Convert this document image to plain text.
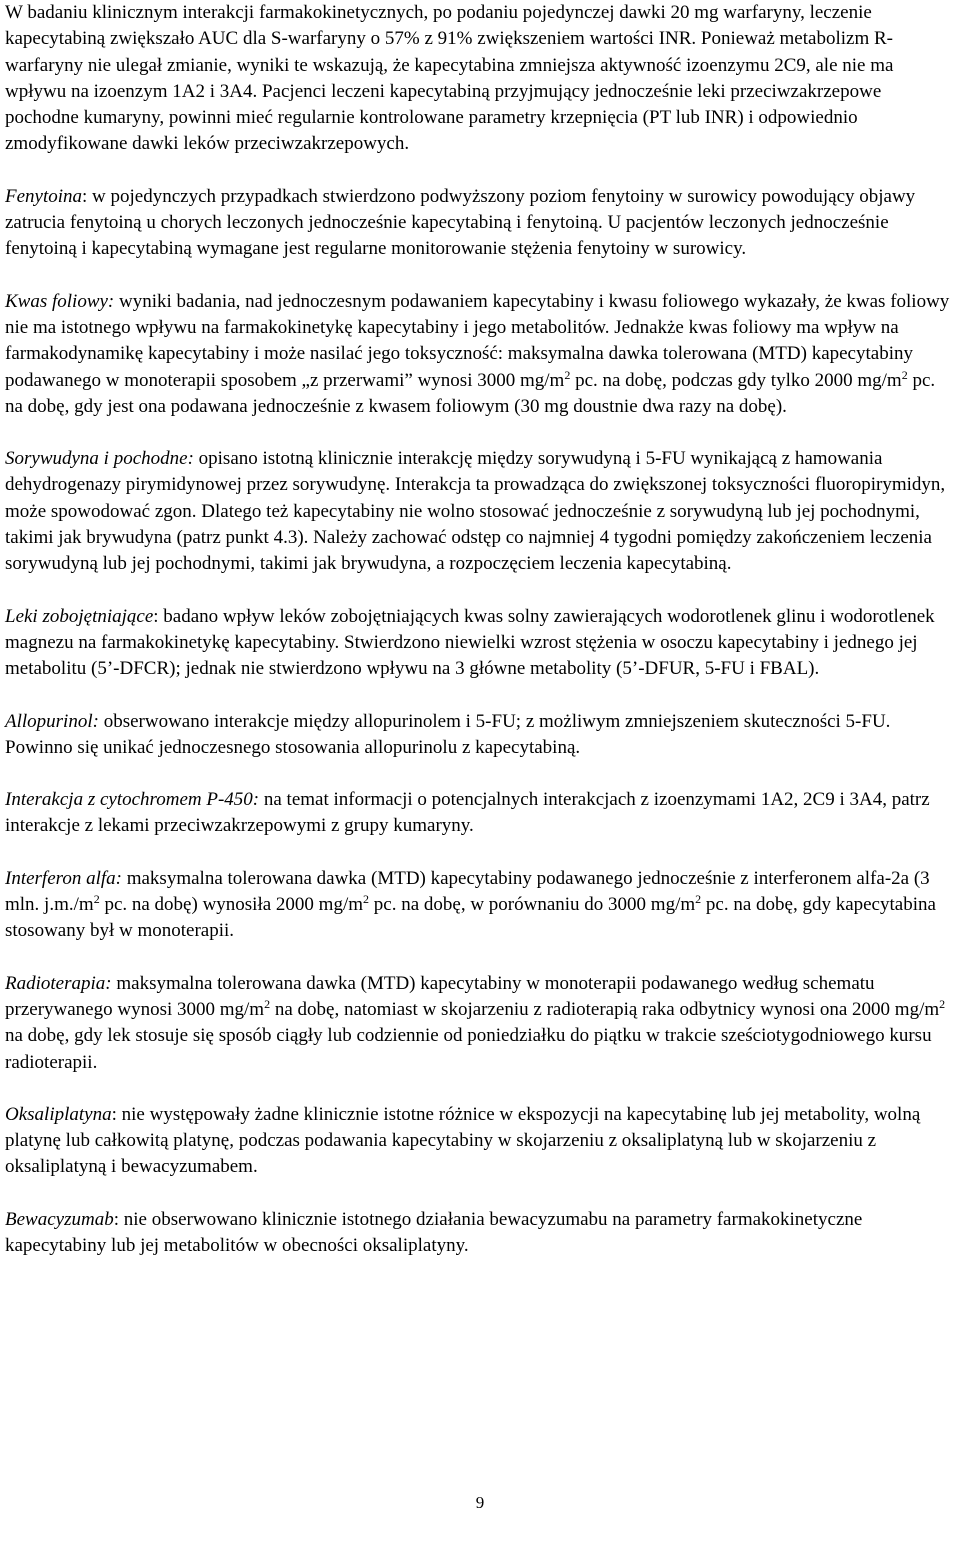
W badaniu klinicznym interakcji farmakokinetycznych, po podaniu pojedynczej dawki 20 mg warfaryny, leczenie kapecytabiną zwiększało AUC dla S-warfaryny o 57% z 91% zwiększeniem wartości INR. Ponieważ metabolizm R-warfaryny nie ulegał zmianie, wyniki te wskazują, że kapecytabina zmniejsza aktywność izoenzymu 2C9, ale nie ma wpływu na izoenzym 1A2 i 3A4. Pacjenci leczeni kapecytabiną przyjmujący jednocześnie leki przeciwzakrzepowe pochodne kumaryny, powinni mieć regularnie kontrolowane parametry krzepnięcia (PT lub INR) i odpowiednio zmodyfikowane dawki leków przeciwzakrzepowych.

Fenytoina: w pojedynczych przypadkach stwierdzono podwyższony poziom fenytoiny w surowicy powodujący objawy zatrucia fenytoiną u chorych leczonych jednocześnie kapecytabiną i fenytoiną. U pacjentów leczonych jednocześnie fenytoiną i kapecytabiną wymagane jest regularne monitorowanie stężenia fenytoiny w surowicy.

Kwas foliowy: wyniki badania, nad jednoczesnym podawaniem kapecytabiny i kwasu foliowego wykazały, że kwas foliowy nie ma istotnego wpływu na farmakokinetykę kapecytabiny i jego metabolitów. Jednakże kwas foliowy ma wpływ na farmakodynamikę kapecytabiny i może nasilać jego toksyczność: maksymalna dawka tolerowana (MTD) kapecytabiny podawanego w monoterapii sposobem „z przerwami” wynosi 3000 $mg/m^2$ pc. na dobę, podczas gdy tylko 2000 $mg/m^2$ pc. na dobę, gdy jest ona podawana jednocześnie z kwasem foliowym (30 mg doustnie dwa razy na dobę).

Sorywudyna i pochodne: opisano istotną klinicznie interakcję między sorywudyną i 5-FU wynikającą z hamowania dehydrogenazy pirymidynowej przez sorywudynę. Interakcja ta prowadząca do zwiększonej toksyczności fluoropirymidyn, może spowodować zgon. Dlatego też kapecytabiny nie wolno stosować jednocześnie z sorywudyną lub jej pochodnymi, takimi jak brywudyna (patrz punkt 4.3). Należy zachować odstęp co najmniej 4 tygodni pomiędzy zakończeniem leczenia sorywudyną lub jej pochodnymi, takimi jak brywudyna, a rozpoczęciem leczenia kapecytabiną.

Leki zobojętniające: badano wpływ leków zobojętniających kwas solny zawierających wodorotlenek glinu i wodorotlenek magnezu na farmakokinetykę kapecytabiny. Stwierdzono niewielki wzrost stężenia w osoczu kapecytabiny i jednego jej metabolitu (5’-DFCR); jednak nie stwierdzono wpływu na 3 główne metabolity (5’-DFUR, 5-FU i FBAL).

Allopurinol: obserwowano interakcje między allopurinolem i 5-FU; z możliwym zmniejszeniem skuteczności 5-FU. Powinno się unikać jednoczesnego stosowania allopurinolu z kapecytabiną.

Interakcja z cytochromem P-450: na temat informacji o potencjalnych interakcjach z izoenzymami 1A2, 2C9 i 3A4, patrz interakcje z lekami przeciwzakrzepowymi z grupy kumaryny.

Interferon alfa: maksymalna tolerowana dawka (MTD) kapecytabiny podawanego jednocześnie z interferonem alfa-2a (3 mln. $j.m./m^2$ pc. na dobę) wynosiła 2000 $mg/m^2$ pc. na dobę, w porównaniu do 3000 $mg/m^2$ pc. na dobę, gdy kapecytabina stosowany był w monoterapii.

Radioterapia: maksymalna tolerowana dawka (MTD) kapecytabiny w monoterapii podawanego według schematu przerywanego wynosi 3000 $mg/m^2$ na dobę, natomiast w skojarzeniu z radioterapią raka odbytnicy wynosi ona 2000 $mg/m^2$ na dobę, gdy lek stosuje się sposób ciągły lub codziennie od poniedziałku do piątku w trakcie sześciotygodniowego kursu radioterapii.

Oksaliplatyna: nie występowały żadne klinicznie istotne różnice w ekspozycji na kapecytabinę lub jej metabolity, wolną platynę lub całkowitą platynę, podczas podawania kapecytabiny w skojarzeniu z oksaliplatyną lub w skojarzeniu z oksaliplatyną i bewacyzumabem.

Bewacyzumab: nie obserwowano klinicznie istotnego działania bewacyzumabu na parametry farmakokinetyczne kapecytabiny lub jej metabolitów w obecności oksaliplatyny.

9
